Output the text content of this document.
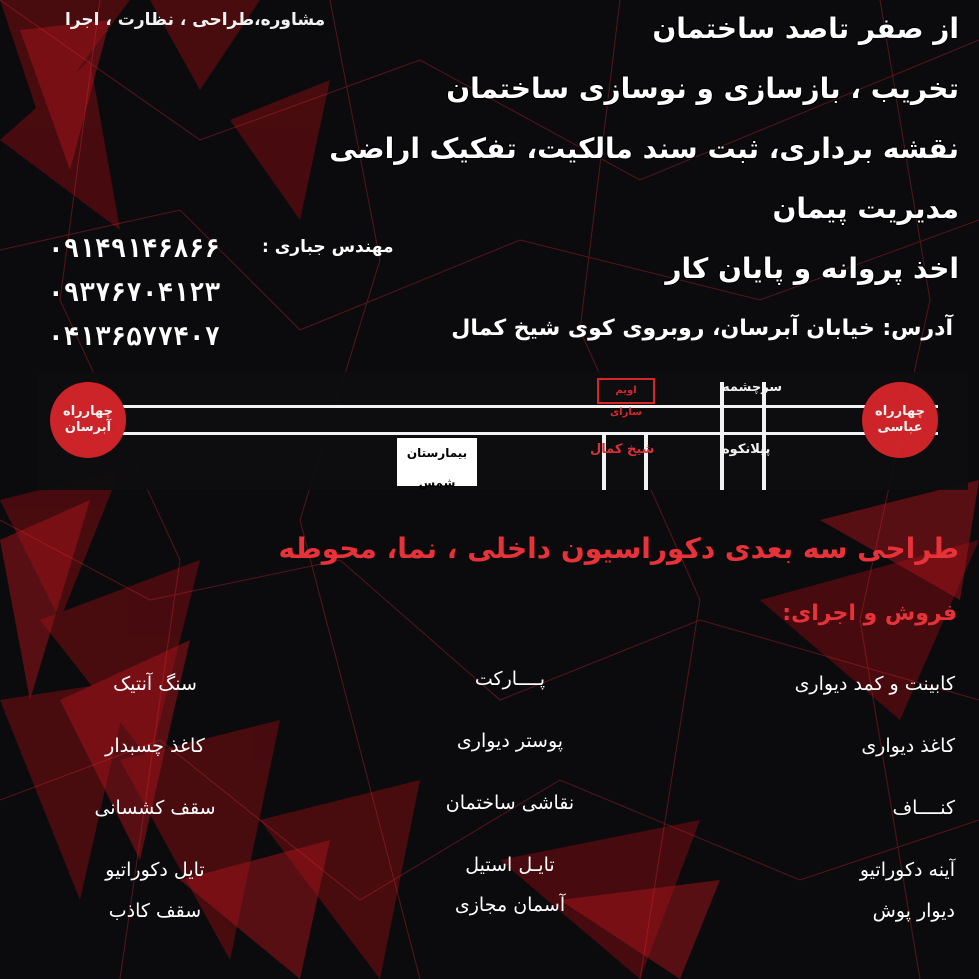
مشاوره،طراحی ، نظارت ، اجرا	از صفر تاصد ساختمان
تخریب ، بازسازی و نوسازی ساختمان
نقشه برداری، ثبت سند مالکیت، تفکیک اراضی
مدیریت پیمان
اخذ پروانه و پایان کار
مهندس جباری :
۰۹۱۴۹۱۴۶۸۶۶
۰۹۳۷۶۷۰۴۱۲۳
۰۴۱۳۶۵۷۷۴۰۷	آدرس: خیابان آبرسان، روبروی کوی شیخ کمال
چهارراه
آبرسان
چهارراه
عباسی
سرچشمه
پیلانکوه
شیخ کمال
اویم سارای
بیمارستان شمس
طراحی سه بعدی دکوراسیون داخلی ، نما، محوطه
فروش و اجرای:
کابینت و کمد دیواری
کاغذ دیواری
کنــــاف
آینه دکوراتیو
دیوار پوش
پــــارکت
پوستر دیواری
نقاشی ساختمان
تایـل استیل
آسمان مجازی
سنگ آنتیک
کاغذ چسبدار
سقف کشسانی
تایل دکوراتیو
سقف کاذب
